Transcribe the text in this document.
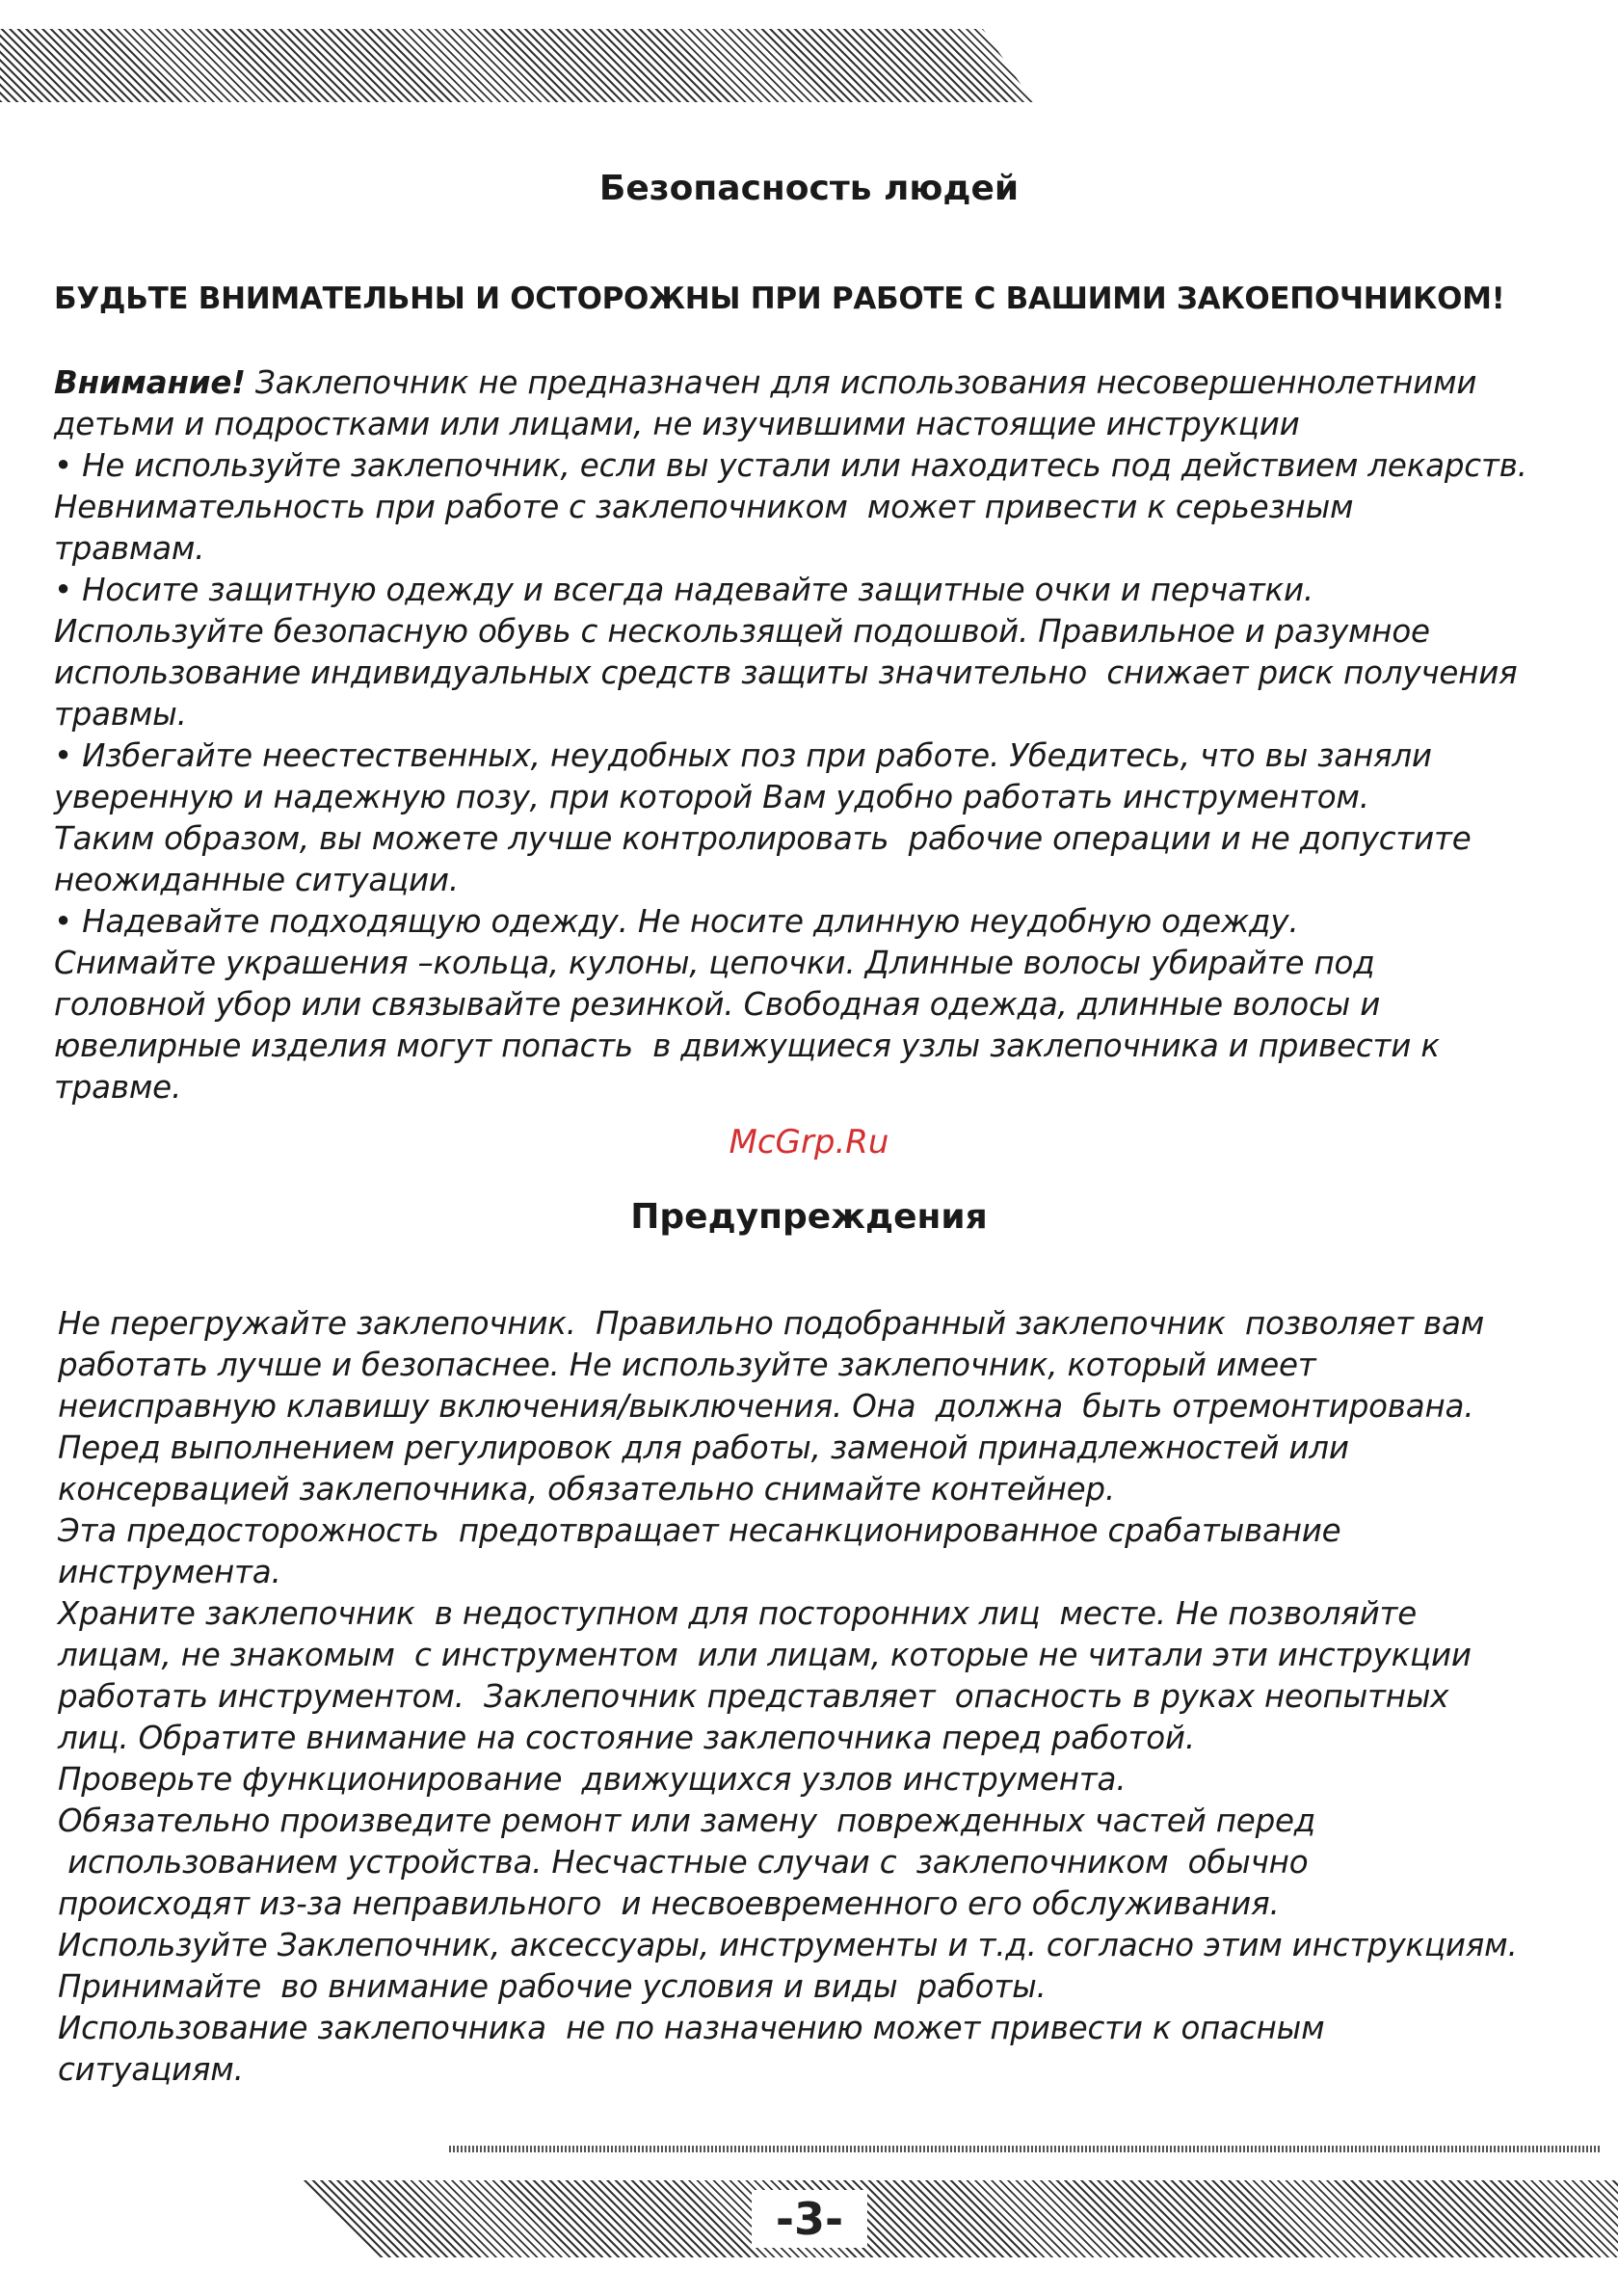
Безопасность людей

БУДЬТЕ ВНИМАТЕЛЬНЫ И ОСТОРОЖНЫ ПРИ РАБОТЕ С ВАШИМИ ЗАКОЕПОЧНИКОМ!

Внимание! Заклепочник не предназначен для использования несовершеннолетними
детьми и подростками или лицами, не изучившими настоящие инструкции
• Не используйте заклепочник, если вы устали или находитесь под действием лекарств.
Невнимательность при работе с заклепочником  может привести к серьезным
травмам.
• Носите защитную одежду и всегда надевайте защитные очки и перчатки.
Используйте безопасную обувь с нескользящей подошвой. Правильное и разумное
использование индивидуальных средств защиты значительно  снижает риск получения
травмы.
• Избегайте неестественных, неудобных поз при работе. Убедитесь, что вы заняли
уверенную и надежную позу, при которой Вам удобно работать инструментом.
Таким образом, вы можете лучше контролировать  рабочие операции и не допустите
неожиданные ситуации.
• Надевайте подходящую одежду. Не носите длинную неудобную одежду.
Снимайте украшения –кольца, кулоны, цепочки. Длинные волосы убирайте под
головной убор или связывайте резинкой. Свободная одежда, длинные волосы и
ювелирные изделия могут попасть  в движущиеся узлы заклепочника и привести к
травме.
McGrp.Ru
Предупреждения
Не перегружайте заклепочник.  Правильно подобранный заклепочник  позволяет вам
работать лучше и безопаснее. Не используйте заклепочник, который имеет
неисправную клавишу включения/выключения. Она  должна  быть отремонтирована.
Перед выполнением регулировок для работы, заменой принадлежностей или
консервацией заклепочника, обязательно снимайте контейнер.
Эта предосторожность  предотвращает несанкционированное срабатывание
инструмента.
Храните заклепочник  в недоступном для посторонних лиц  месте. Не позволяйте
лицам, не знакомым  с инструментом  или лицам, которые не читали эти инструкции
работать инструментом.  Заклепочник представляет  опасность в руках неопытных
лиц. Обратите внимание на состояние заклепочника перед работой.
Проверьте функционирование  движущихся узлов инструмента.
Обязательно произведите ремонт или замену  поврежденных частей перед
использованием устройства. Несчастные случаи с  заклепочником  обычно
происходят из-за неправильного  и несвоевременного его обслуживания.
Используйте Заклепочник, аксессуары, инструменты и т.д. согласно этим инструкциям.
Принимайте  во внимание рабочие условия и виды  работы.
Использование заклепочника  не по назначению может привести к опасным
ситуациям.
-3-
